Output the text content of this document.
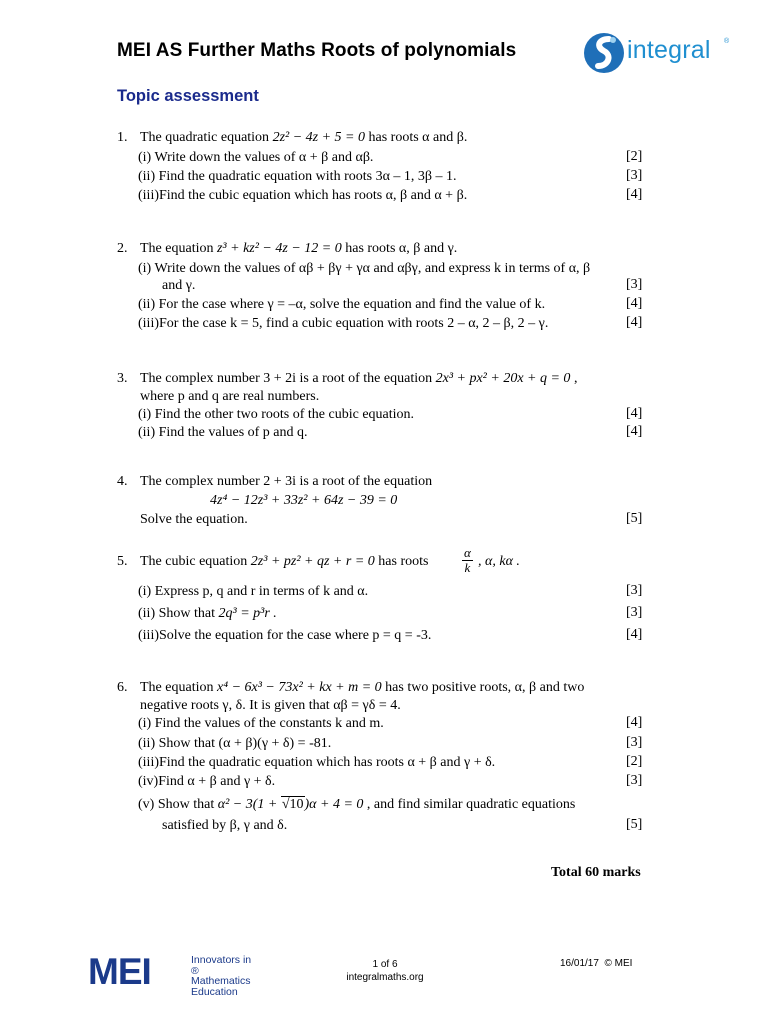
MEI AS Further Maths Roots of polynomials
Topic assessment
integral ®
1. The quadratic equation 2z² − 4z + 5 = 0 has roots α and β.
(i) Write down the values of α + β and αβ.	[2]
(ii) Find the quadratic equation with roots 3α – 1, 3β – 1.	[3]
(iii)Find the cubic equation which has roots α, β and α + β.	[4]
2. The equation z³ + kz² − 4z − 12 = 0 has roots α, β and γ.
(i) Write down the values of αβ + βγ + γα and αβγ, and express k in terms of α, β
and γ.	[3]
(ii) For the case where γ = –α, solve the equation and find the value of k.	[4]
(iii)For the case k = 5, find a cubic equation with roots 2 – α, 2 – β, 2 – γ.	[4]
3. The complex number 3 + 2i is a root of the equation 2x³ + px² + 20x + q = 0 ,
where p and q are real numbers.
(i) Find the other two roots of the cubic equation.	[4]
(ii) Find the values of p and q.	[4]
4. The complex number 2 + 3i is a root of the equation
4z⁴ − 12z³ + 33z² + 64z − 39 = 0
Solve the equation.	[5]
5. The cubic equation 2z³ + pz² + qz + r = 0 has roots	$\frac{\alpha}{k}$ , α, kα .
(i) Express p, q and r in terms of k and α.	[3]
(ii) Show that 2q³ = p³r .	[3]
(iii)Solve the equation for the case where p = q = -3.	[4]
6. The equation x⁴ − 6x³ − 73x² + kx + m = 0 has two positive roots, α, β and two
negative roots γ, δ. It is given that αβ = γδ = 4.
(i) Find the values of the constants k and m.	[4]
(ii) Show that (α + β)(γ + δ) = -81.	[3]
(iii)Find the quadratic equation which has roots α + β and γ + δ.	[2]
(iv)Find α + β and γ + δ.	[3]
(v) Show that α² − 3(1 + √10)α + 4 = 0 , and find similar quadratic equations
satisfied by β, γ and δ.	[5]
Total 60 marks
MEI	Innovators in ®
Mathematics
Education
1 of 6
integralmaths.org
16/01/17 © MEI
